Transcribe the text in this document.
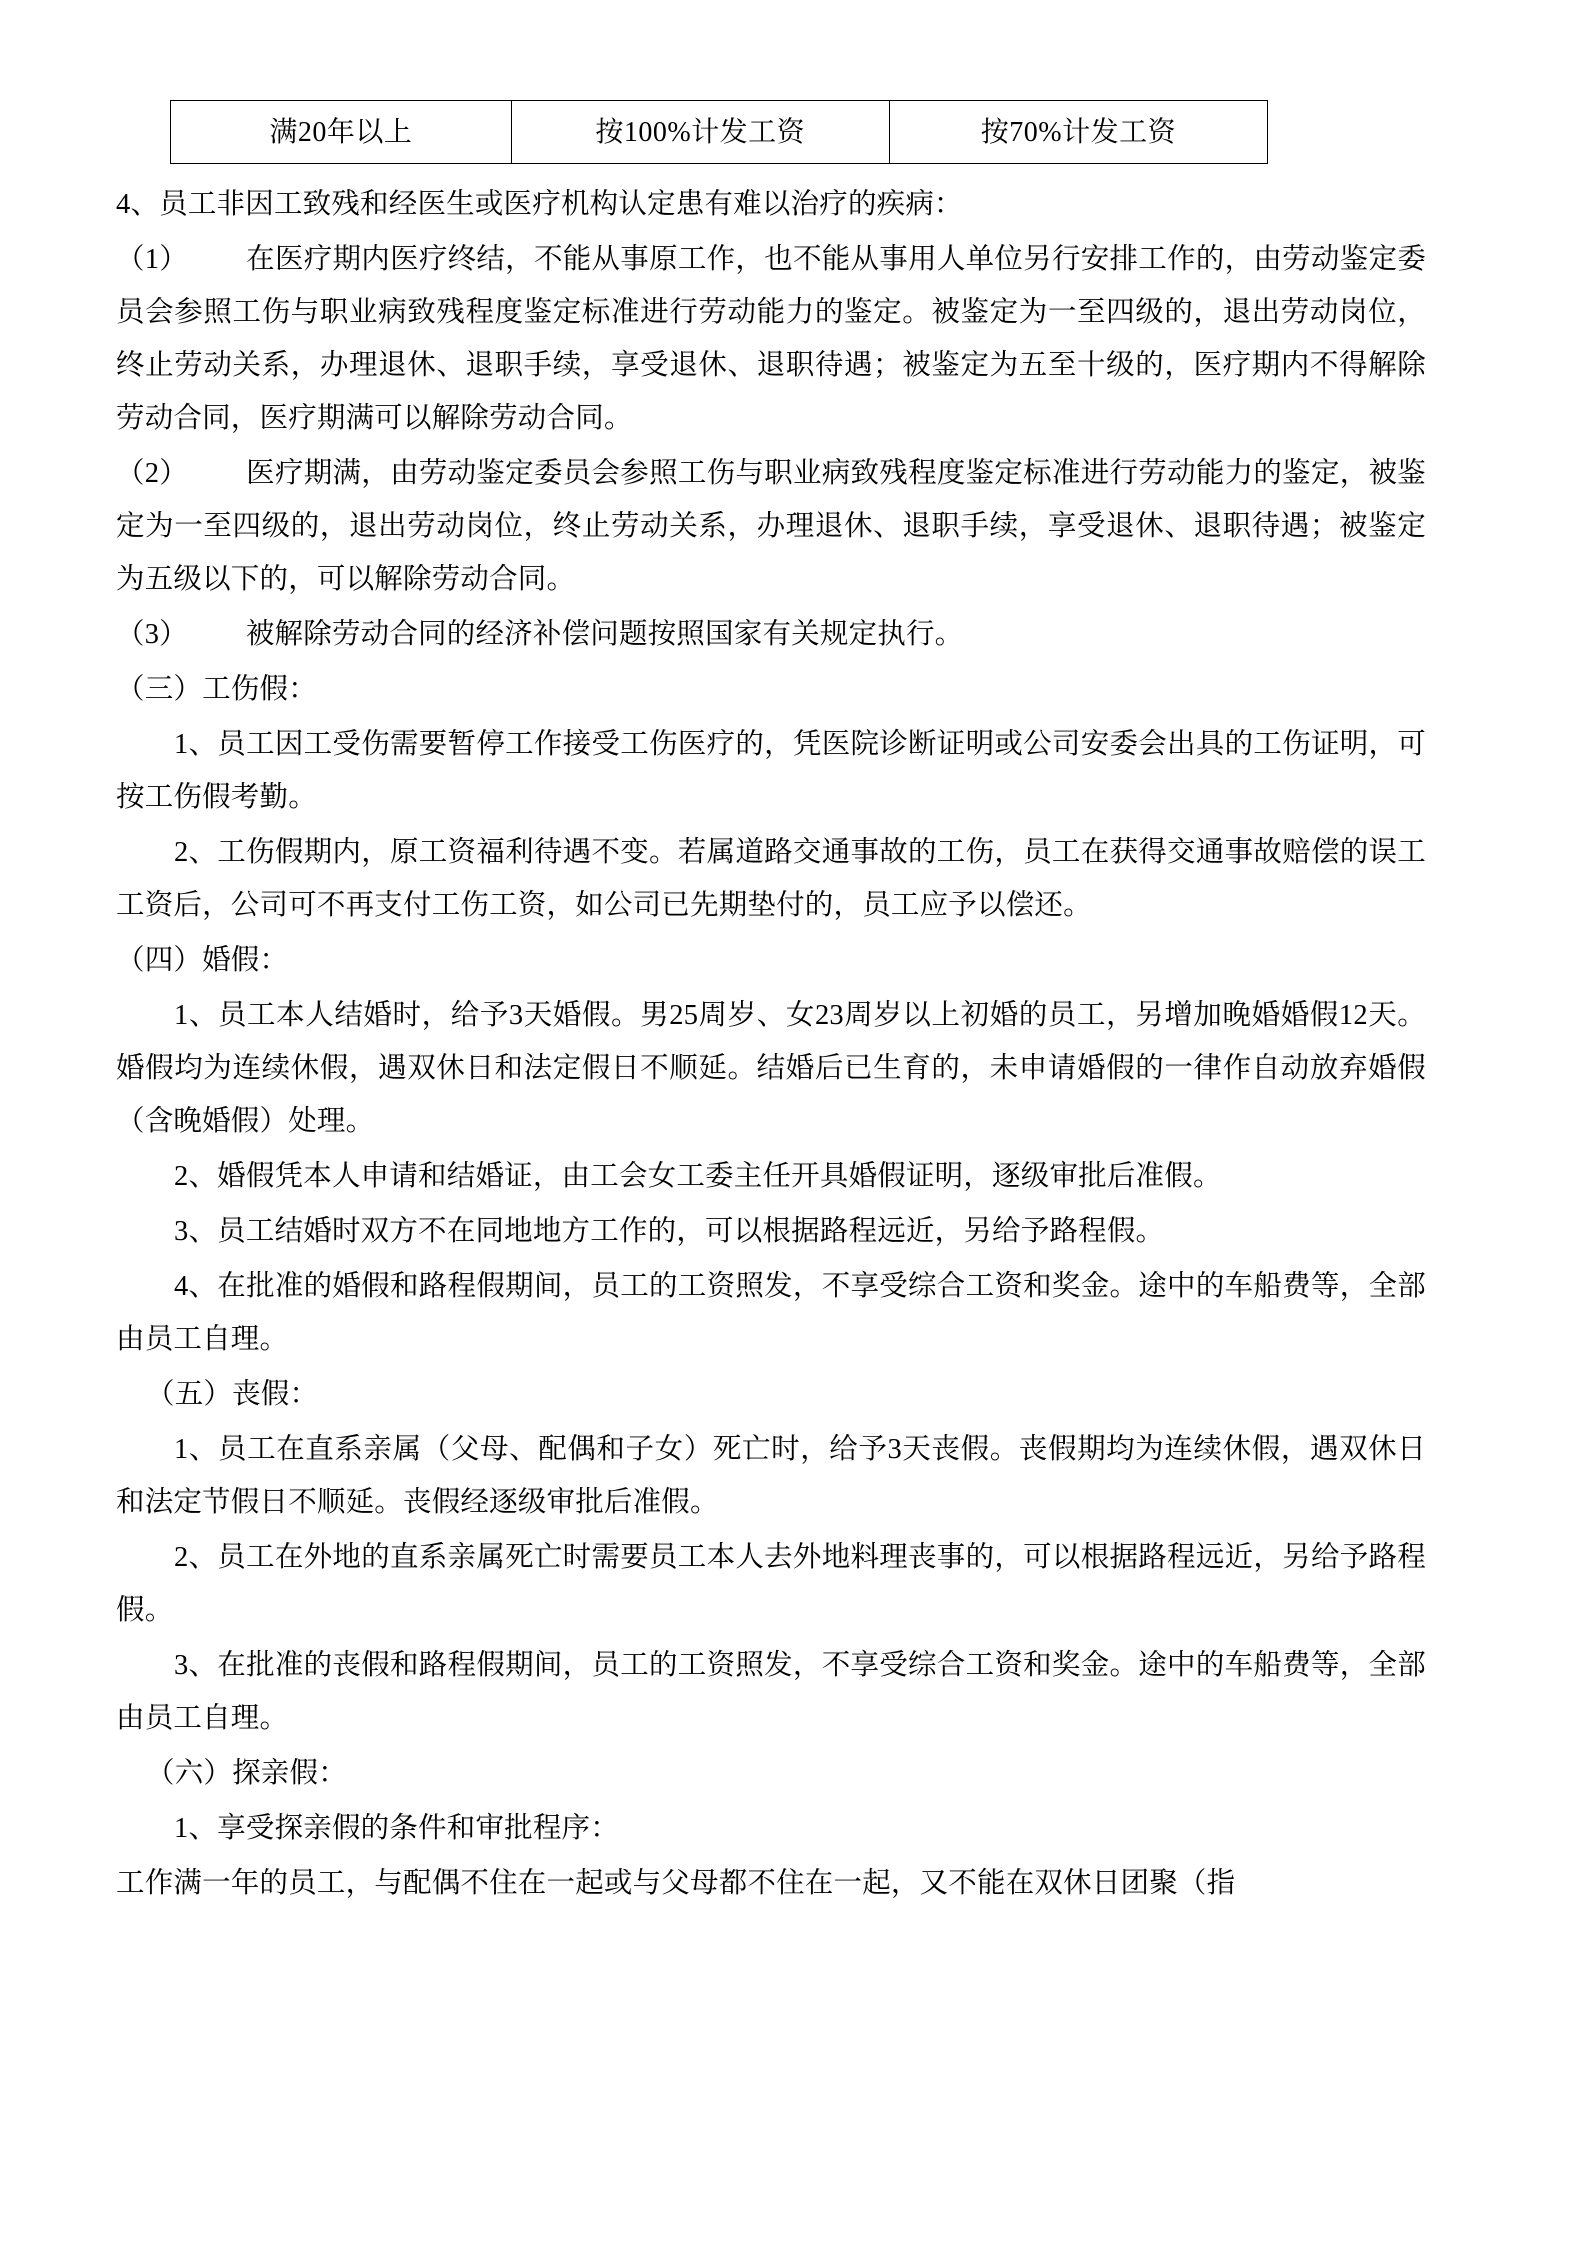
满20年以上	按100%计发工资	按70%计发工资

4、员工非因工致残和经医生或医疗机构认定患有难以治疗的疾病：

（1） 在医疗期内医疗终结，不能从事原工作，也不能从事用人单位另行安排工作的，由劳动鉴定委员会参照工伤与职业病致残程度鉴定标准进行劳动能力的鉴定。被鉴定为一至四级的，退出劳动岗位，终止劳动关系，办理退休、退职手续，享受退休、退职待遇；被鉴定为五至十级的，医疗期内不得解除劳动合同，医疗期满可以解除劳动合同。

（2） 医疗期满，由劳动鉴定委员会参照工伤与职业病致残程度鉴定标准进行劳动能力的鉴定，被鉴定为一至四级的，退出劳动岗位，终止劳动关系，办理退休、退职手续，享受退休、退职待遇；被鉴定为五级以下的，可以解除劳动合同。

（3） 被解除劳动合同的经济补偿问题按照国家有关规定执行。

（三）工伤假：

1、员工因工受伤需要暂停工作接受工伤医疗的，凭医院诊断证明或公司安委会出具的工伤证明，可按工伤假考勤。

2、工伤假期内，原工资福利待遇不变。若属道路交通事故的工伤，员工在获得交通事故赔偿的误工工资后，公司可不再支付工伤工资，如公司已先期垫付的，员工应予以偿还。

（四）婚假：

1、员工本人结婚时，给予3天婚假。男25周岁、女23周岁以上初婚的员工，另增加晚婚婚假12天。婚假均为连续休假，遇双休日和法定假日不顺延。结婚后已生育的，未申请婚假的一律作自动放弃婚假（含晚婚假）处理。

2、婚假凭本人申请和结婚证，由工会女工委主任开具婚假证明，逐级审批后准假。

3、员工结婚时双方不在同地地方工作的，可以根据路程远近，另给予路程假。

4、在批准的婚假和路程假期间，员工的工资照发，不享受综合工资和奖金。途中的车船费等，全部由员工自理。

（五）丧假：

1、员工在直系亲属（父母、配偶和子女）死亡时，给予3天丧假。丧假期均为连续休假，遇双休日和法定节假日不顺延。丧假经逐级审批后准假。

2、员工在外地的直系亲属死亡时需要员工本人去外地料理丧事的，可以根据路程远近，另给予路程假。

3、在批准的丧假和路程假期间，员工的工资照发，不享受综合工资和奖金。途中的车船费等，全部由员工自理。

（六）探亲假：

1、享受探亲假的条件和审批程序：

工作满一年的员工，与配偶不住在一起或与父母都不住在一起，又不能在双休日团聚（指
